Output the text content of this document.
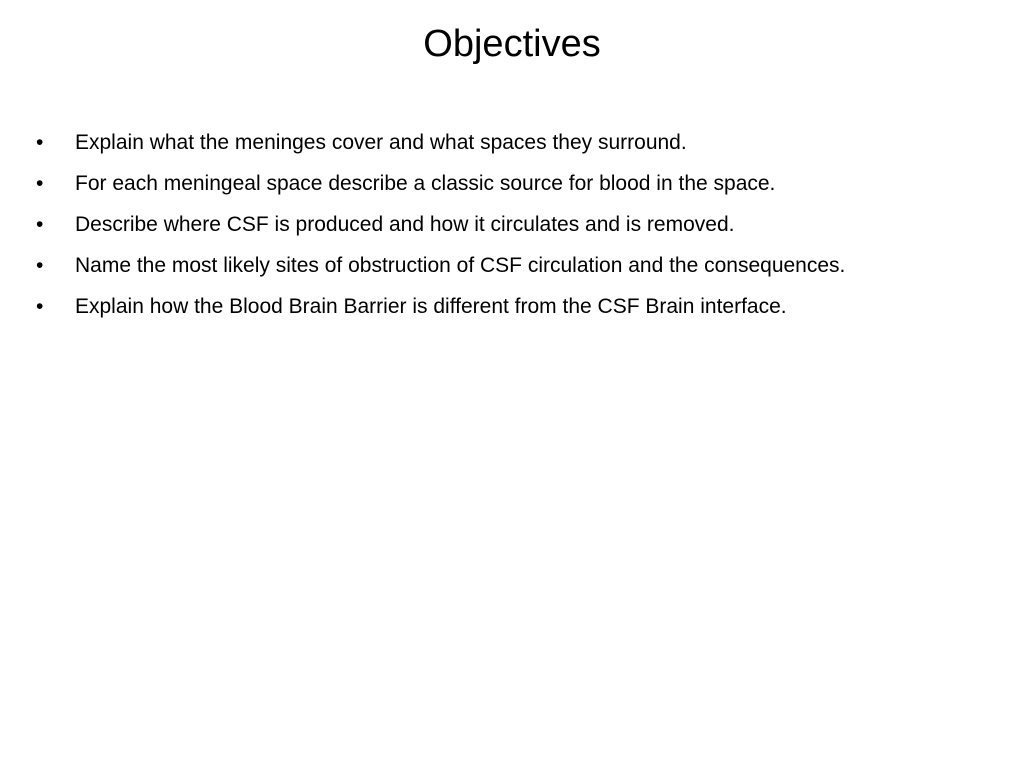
Objectives
•	Explain what the meninges cover and what spaces they surround.
•	For each meningeal space describe a classic source for blood in the space.
•	Describe where CSF is produced and how it circulates and is removed.
•	Name the most likely sites of obstruction of CSF circulation and the consequences.
•	Explain how the Blood Brain Barrier is different from the CSF Brain interface.
